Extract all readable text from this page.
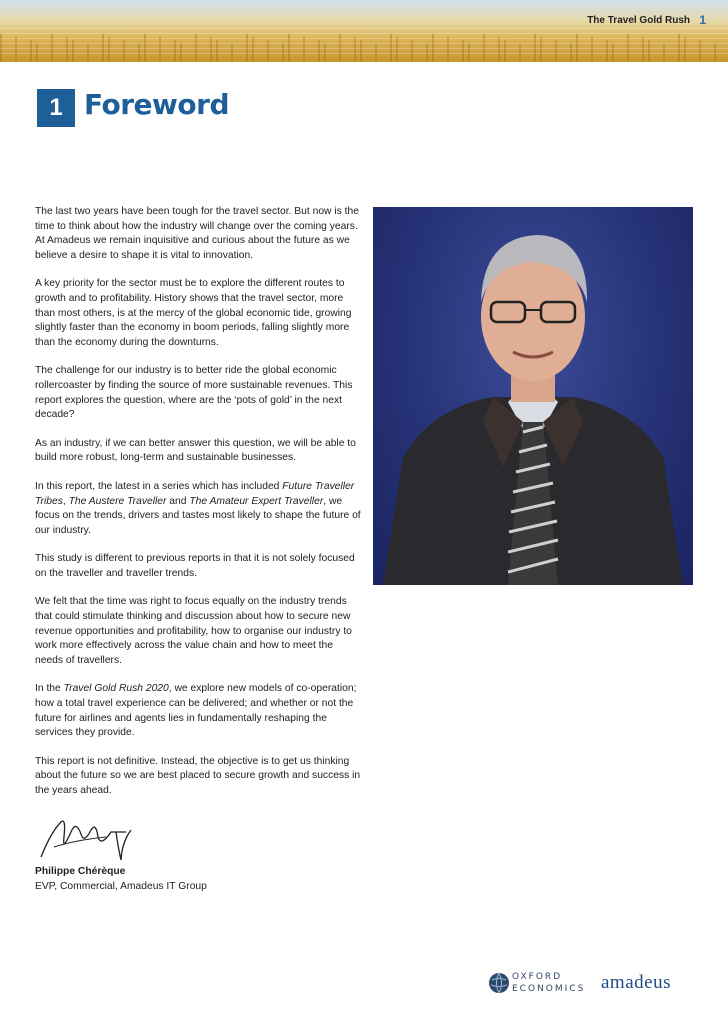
The Travel Gold Rush 1
1 Foreword

The last two years have been tough for the travel sector. But now is the time to think about how the industry will change over the coming years. At Amadeus we remain inquisitive and curious about the future as we believe a desire to shape it is vital to innovation.

A key priority for the sector must be to explore the different routes to growth and to profitability. History shows that the travel sector, more than most others, is at the mercy of the global economic tide, growing slightly faster than the economy in boom periods, falling slightly more than the economy during the downturns.

The challenge for our industry is to better ride the global economic rollercoaster by finding the source of more sustainable revenues. This report explores the question, where are the ‘pots of gold’ in the next decade?

As an industry, if we can better answer this question, we will be able to build more robust, long-term and sustainable businesses.

In this report, the latest in a series which has included Future Traveller Tribes, The Austere Traveller and The Amateur Expert Traveller, we focus on the trends, drivers and tastes most likely to shape the future of our industry.

This study is different to previous reports in that it is not solely focused on the traveller and traveller trends.

We felt that the time was right to focus equally on the industry trends that could stimulate thinking and discussion about how to secure new revenue opportunities and profitability, how to organise our industry to work more effectively across the value chain and how to meet the needs of travellers.

In the Travel Gold Rush 2020, we explore new models of co-operation; how a total travel experience can be delivered; and whether or not the future for airlines and agents lies in fundamentally reshaping the services they provide.

This report is not definitive. Instead, the objective is to get us thinking about the future so we are best placed to secure growth and success in the years ahead.

Philippe Chérèque
EVP, Commercial, Amadeus IT Group
OXFORD
ECONOMICS amadeus
